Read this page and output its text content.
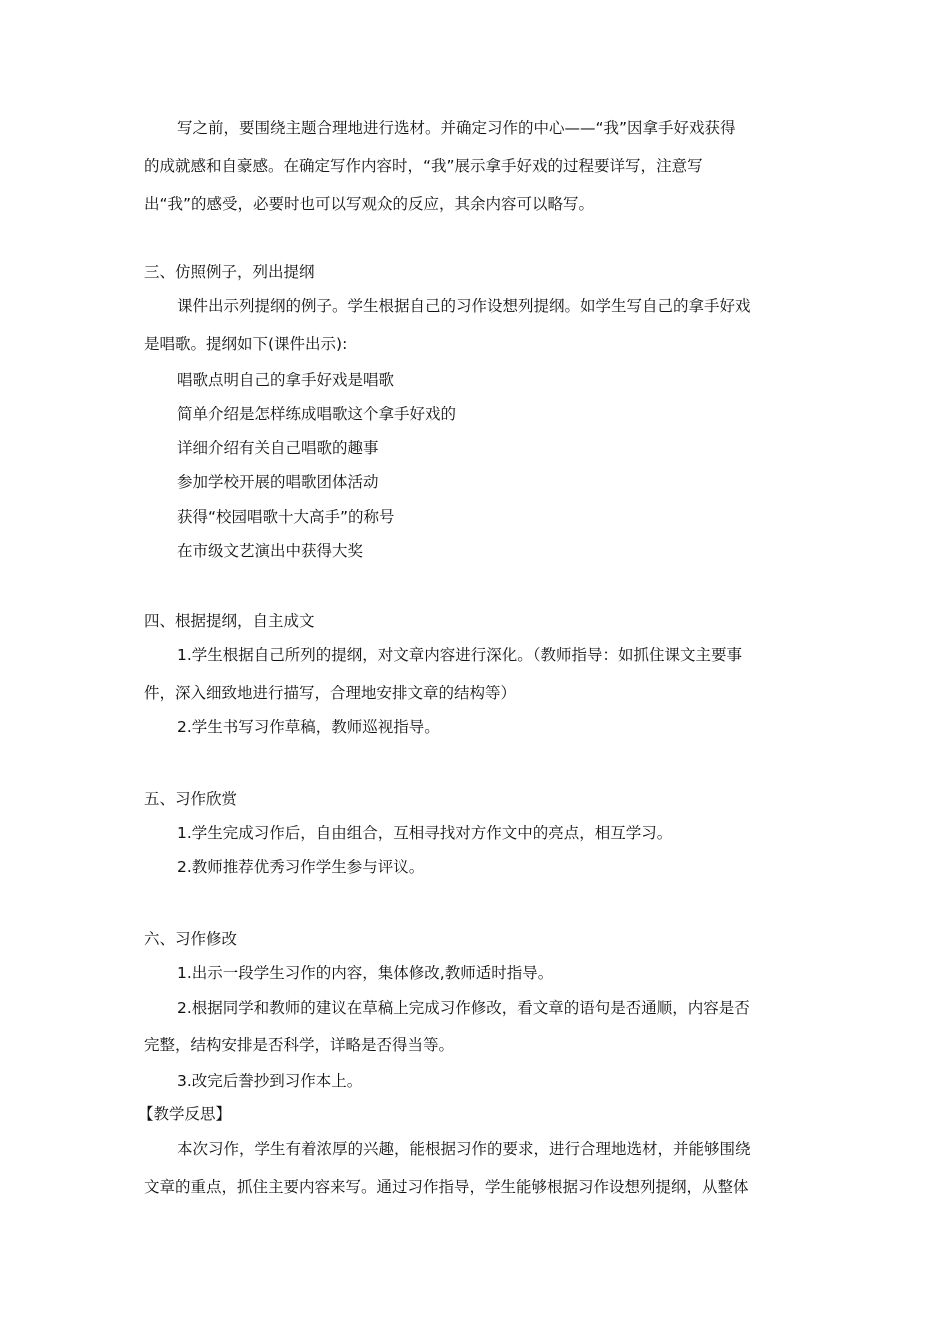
写之前，要围绕主题合理地进行选材。并确定习作的中心——“我”因拿手好戏获得

的成就感和自豪感。在确定写作内容时，“我”展示拿手好戏的过程要详写，注意写

出“我”的感受，必要时也可以写观众的反应，其余内容可以略写。

三、仿照例子，列出提纲

课件出示列提纲的例子。学生根据自己的习作设想列提纲。如学生写自己的拿手好戏

是唱歌。提纲如下(课件出示):

唱歌点明自己的拿手好戏是唱歌

简单介绍是怎样练成唱歌这个拿手好戏的

详细介绍有关自己唱歌的趣事

参加学校开展的唱歌团体活动

获得“校园唱歌十大高手”的称号

在市级文艺演出中获得大奖

四、根据提纲，自主成文

1.学生根据自己所列的提纲，对文章内容进行深化。（教师指导：如抓住课文主要事

件，深入细致地进行描写，合理地安排文章的结构等）

2.学生书写习作草稿，教师巡视指导。

五、习作欣赏

1.学生完成习作后，自由组合，互相寻找对方作文中的亮点，相互学习。

2.教师推荐优秀习作学生参与评议。

六、习作修改

1.出示一段学生习作的内容，集体修改,教师适时指导。

2.根据同学和教师的建议在草稿上完成习作修改，看文章的语句是否通顺，内容是否

完整，结构安排是否科学，详略是否得当等。

3.改完后誊抄到习作本上。

【教学反思】

本次习作，学生有着浓厚的兴趣，能根据习作的要求，进行合理地选材，并能够围绕

文章的重点，抓住主要内容来写。通过习作指导，学生能够根据习作设想列提纲，从整体
